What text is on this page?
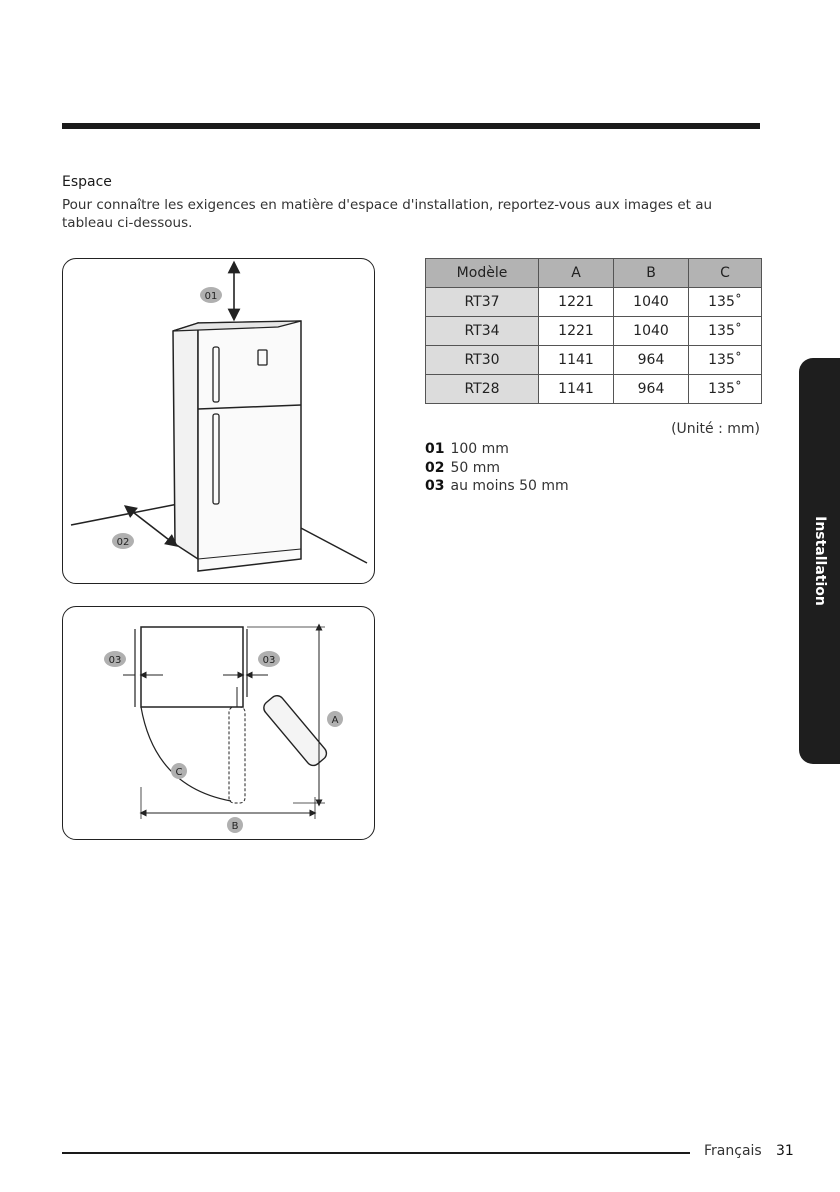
Espace
Pour connaître les exigences en matière d'espace d'installation, reportez-vous aux images et au tableau ci-dessous.
01
02
03	03
A
C
B
Modèle	A	B	C
RT37	1221	1040	135˚
RT34	1221	1040	135˚
RT30	1141	964	135˚
RT28	1141	964	135˚
(Unité : mm)
01 100 mm
02 50 mm
03 au moins 50 mm
Installation
Français 31
